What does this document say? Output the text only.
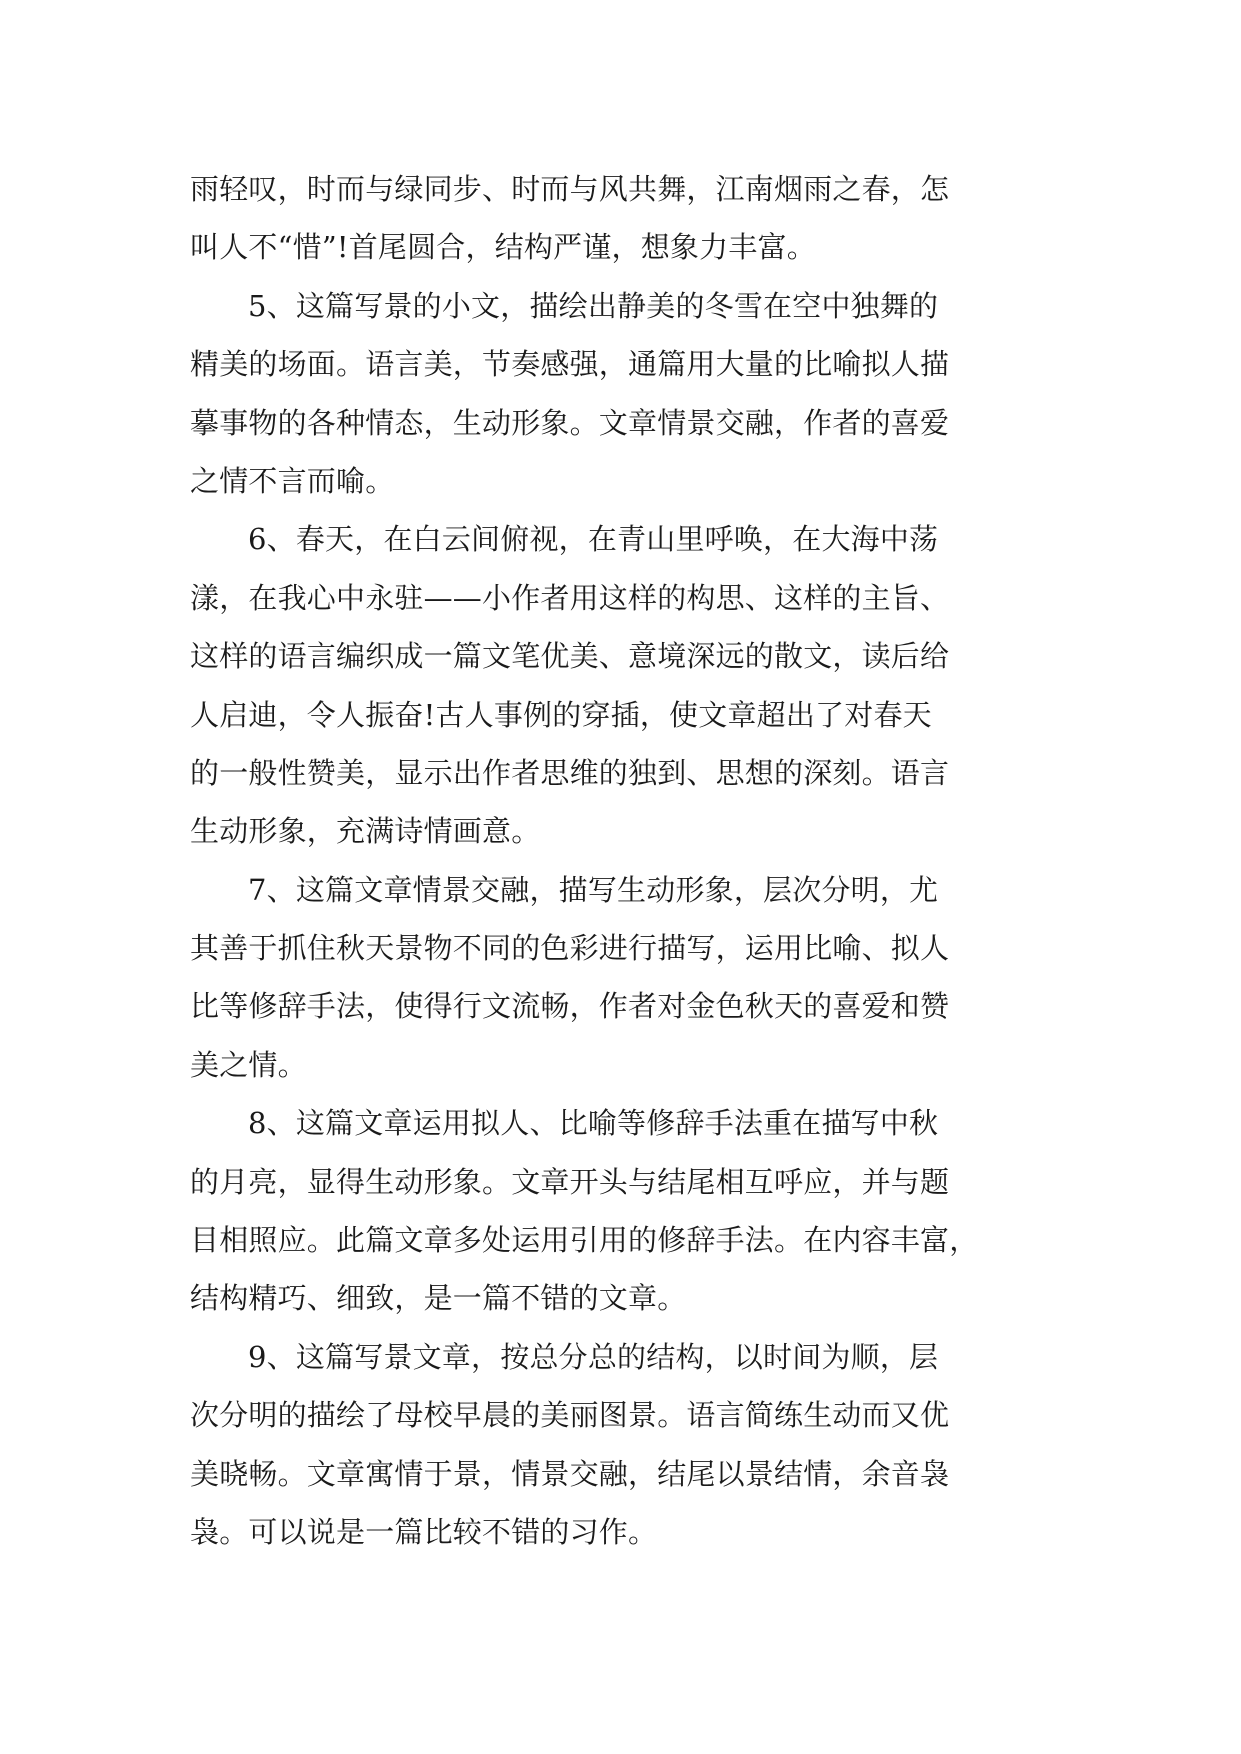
雨轻叹，时而与绿同步、时而与风共舞，江南烟雨之春，怎
叫人不“惜”!首尾圆合，结构严谨，想象力丰富。

5、这篇写景的小文，描绘出静美的冬雪在空中独舞的
精美的场面。语言美，节奏感强，通篇用大量的比喻拟人描
摹事物的各种情态，生动形象。文章情景交融，作者的喜爱
之情不言而喻。

6、春天，在白云间俯视，在青山里呼唤，在大海中荡
漾，在我心中永驻——小作者用这样的构思、这样的主旨、
这样的语言编织成一篇文笔优美、意境深远的散文，读后给
人启迪，令人振奋!古人事例的穿插，使文章超出了对春天
的一般性赞美，显示出作者思维的独到、思想的深刻。语言
生动形象，充满诗情画意。

7、这篇文章情景交融，描写生动形象，层次分明，尤
其善于抓住秋天景物不同的色彩进行描写，运用比喻、拟人
比等修辞手法，使得行文流畅，作者对金色秋天的喜爱和赞
美之情。

8、这篇文章运用拟人、比喻等修辞手法重在描写中秋
的月亮，显得生动形象。文章开头与结尾相互呼应，并与题
目相照应。此篇文章多处运用引用的修辞手法。在内容丰富，
结构精巧、细致，是一篇不错的文章。

9、这篇写景文章，按总分总的结构，以时间为顺，层
次分明的描绘了母校早晨的美丽图景。语言简练生动而又优
美晓畅。文章寓情于景，情景交融，结尾以景结情，余音袅
袅。可以说是一篇比较不错的习作。
